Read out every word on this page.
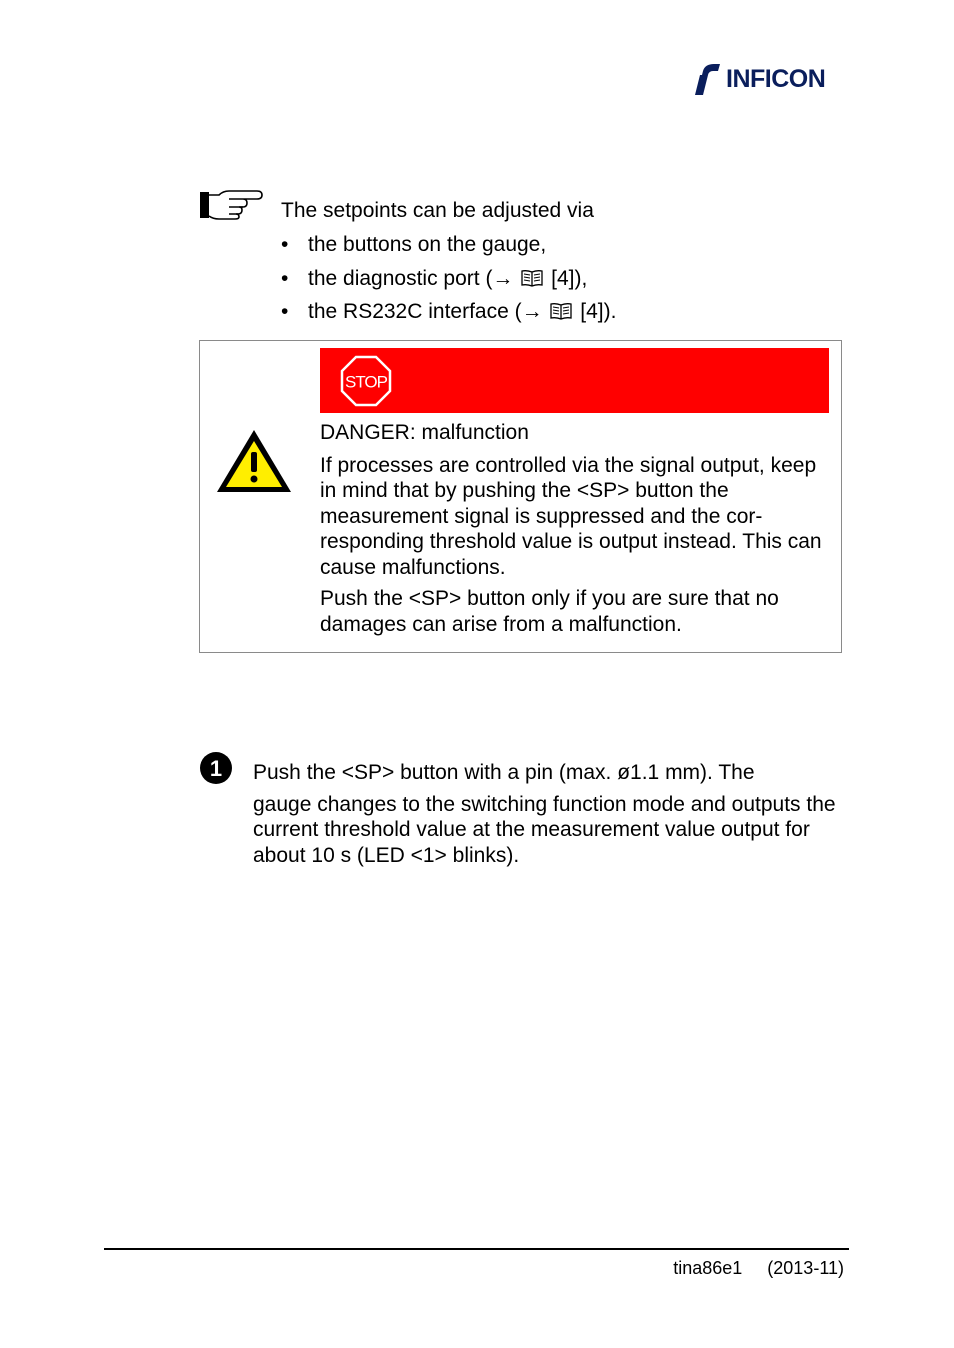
INFICON
The setpoints can be adjusted via
• the buttons on the gauge,
• the diagnostic port (→  [4]),
• the RS232C interface (→  [4]).
STOP

DANGER: malfunction

If processes are controlled via the signal output, keep in mind that by pushing the <SP> button the measurement signal is suppressed and the corresponding threshold value is output instead. This can cause malfunctions.

Push the <SP> button only if you are sure that no damages can arise from a malfunction.

1 Push the <SP> button with a pin (max. ø1.1 mm). The

gauge changes to the switching function mode and outputs the current threshold value at the measurement value output for about 10 s (LED <1> blinks).

tina86e1 (2013-11)
